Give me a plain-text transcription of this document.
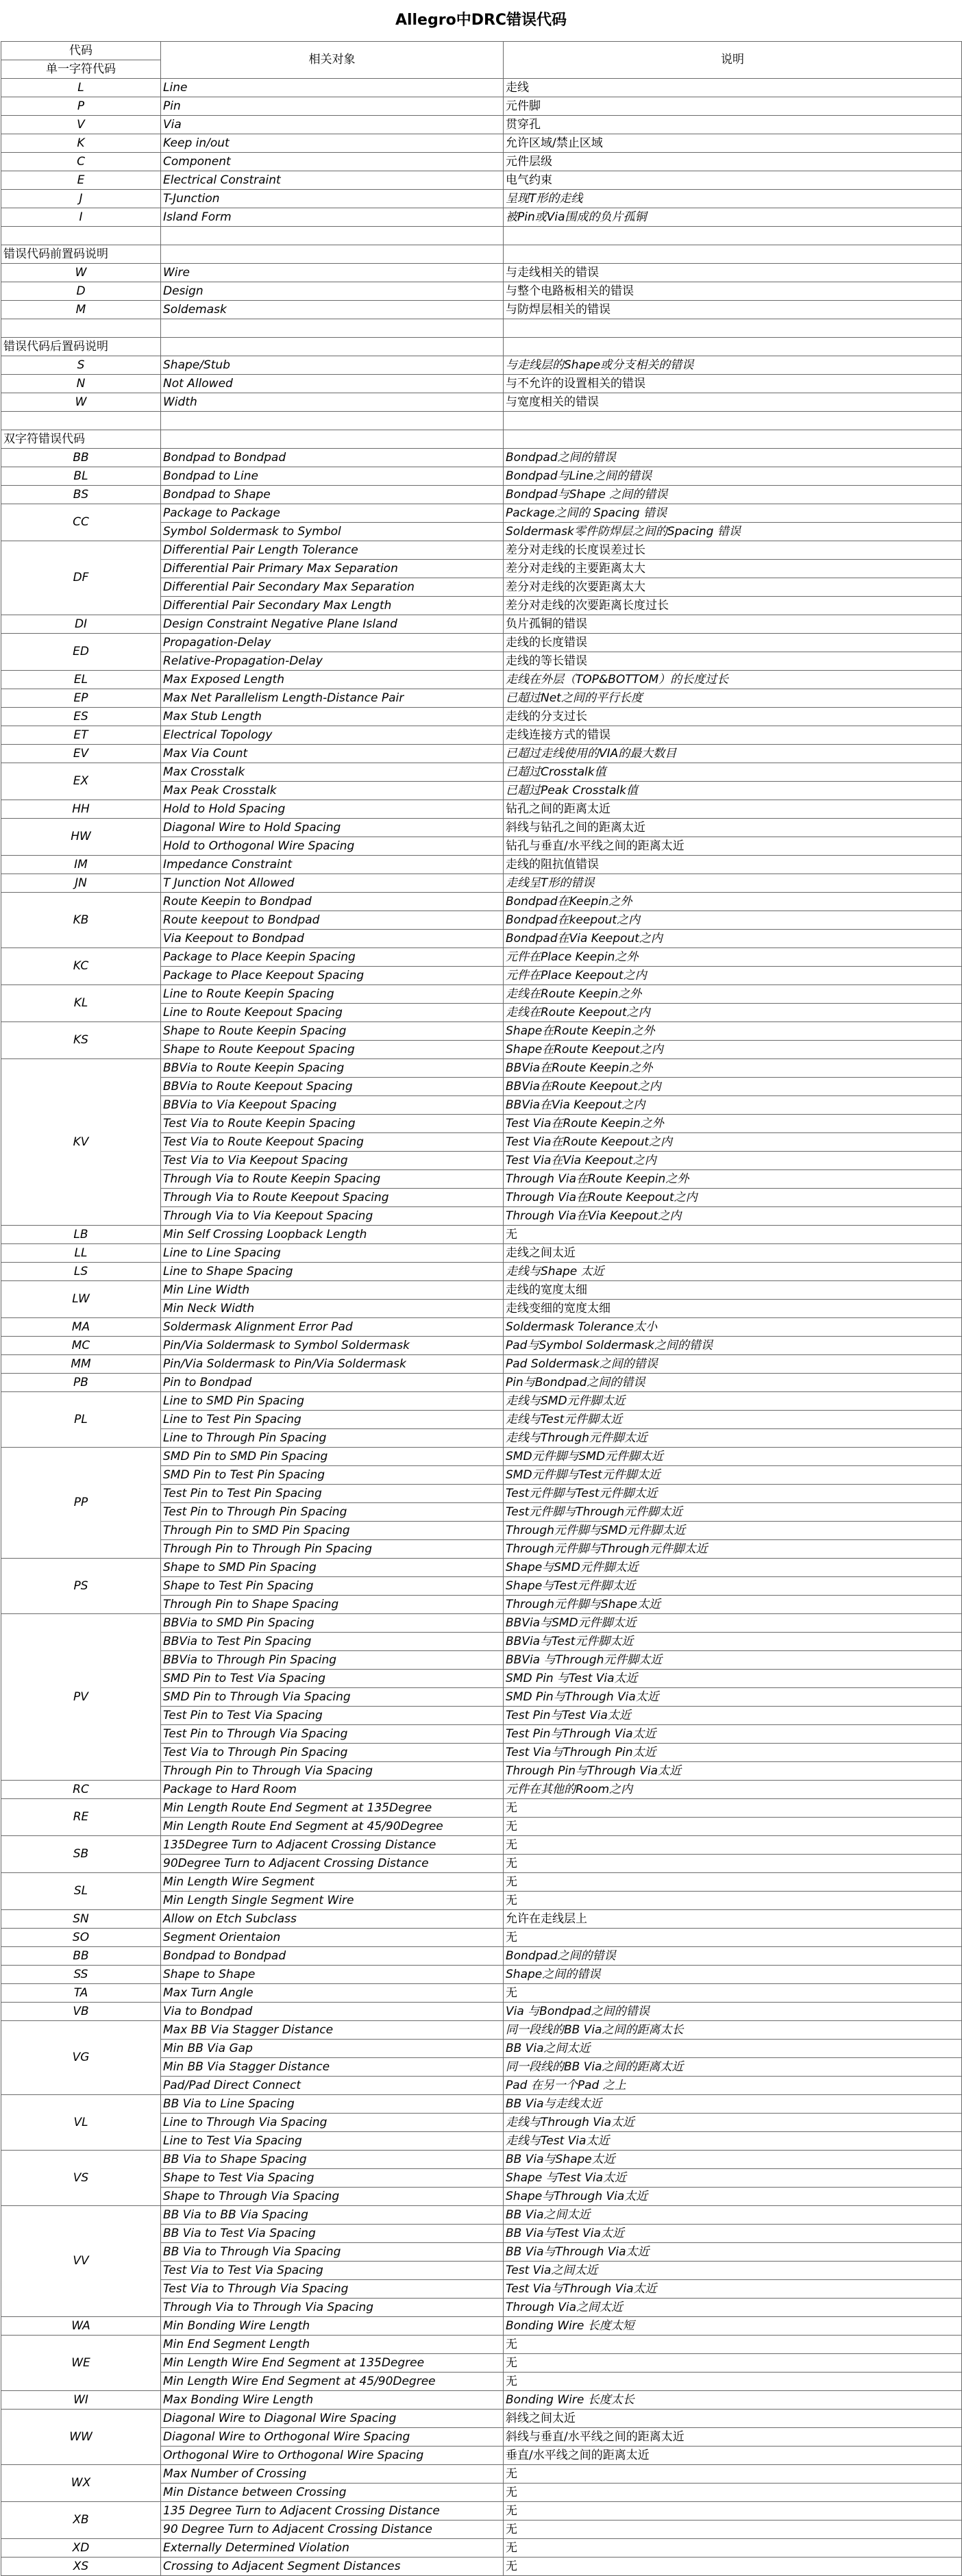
Allegro中DRC错误代码
代码	相关对象	说明
单一字符代码		
L	Line	走线
P	Pin	元件脚
V	Via	贯穿孔
K	Keep in/out	允许区域/禁止区域
C	Component	元件层级
E	Electrical Constraint	电气约束
J	T-Junction	呈现T形的走线
I	Island Form	被Pin或Via围成的负片孤铜

错误代码前置码说明		
W	Wire	与走线相关的错误
D	Design	与整个电路板相关的错误
M	Soldemask	与防焊层相关的错误

错误代码后置码说明		
S	Shape/Stub	与走线层的Shape或分支相关的错误
N	Not Allowed	与不允许的设置相关的错误
W	Width	与宽度相关的错误

双字符错误代码		
BB	Bondpad to Bondpad	Bondpad之间的错误
BL	Bondpad to Line	Bondpad与Line之间的错误
BS	Bondpad to Shape	Bondpad与Shape 之间的错误
CC	Package to Package	Package之间的 Spacing 错误
	Symbol Soldermask to Symbol	Soldermask零件防焊层之间的Spacing 错误
DF	Differential Pair Length Tolerance	差分对走线的长度误差过长
	Differential Pair Primary Max Separation	差分对走线的主要距离太大
	Differential Pair Secondary Max Separation	差分对走线的次要距离太大
	Differential Pair Secondary Max Length	差分对走线的次要距离长度过长
DI	Design Constraint Negative Plane Island	负片孤铜的错误
ED	Propagation-Delay	走线的长度错误
	Relative-Propagation-Delay	走线的等长错误
EL	Max Exposed Length	走线在外层（TOP&BOTTOM）的长度过长
EP	Max Net Parallelism Length-Distance Pair	已超过Net之间的平行长度
ES	Max Stub Length	走线的分支过长
ET	Electrical Topology	走线连接方式的错误
EV	Max Via Count	已超过走线使用的VIA的最大数目
EX	Max Crosstalk	已超过Crosstalk值
	Max Peak Crosstalk	已超过Peak Crosstalk值
HH	Hold to Hold Spacing	钻孔之间的距离太近
HW	Diagonal Wire to Hold Spacing	斜线与钻孔之间的距离太近
	Hold to Orthogonal Wire Spacing	钻孔与垂直/水平线之间的距离太近
IM	Impedance Constraint	走线的阻抗值错误
JN	T Junction Not Allowed	走线呈T形的错误
KB	Route Keepin to Bondpad	Bondpad在Keepin之外
	Route keepout to Bondpad	Bondpad在keepout之内
	Via Keepout to Bondpad	Bondpad在Via Keepout之内
KC	Package to Place Keepin Spacing	元件在Place Keepin之外
	Package to Place Keepout Spacing	元件在Place Keepout之内
KL	Line to Route Keepin Spacing	走线在Route Keepin之外
	Line to Route Keepout Spacing	走线在Route Keepout之内
KS	Shape to Route Keepin Spacing	Shape在Route Keepin之外
	Shape to Route Keepout Spacing	Shape在Route Keepout之内
KV	BBVia to Route Keepin Spacing	BBVia在Route Keepin之外
	BBVia to Route Keepout Spacing	BBVia在Route Keepout之内
	BBVia to Via Keepout Spacing	BBVia在Via Keepout之内
	Test Via to Route Keepin Spacing	Test Via在Route Keepin之外
	Test Via to Route Keepout Spacing	Test Via在Route Keepout之内
	Test Via to Via Keepout Spacing	Test Via在Via Keepout之内
	Through Via to Route Keepin Spacing	Through Via在Route Keepin之外
	Through Via to Route Keepout Spacing	Through Via在Route Keepout之内
	Through Via to Via Keepout Spacing	Through Via在Via Keepout之内
LB	Min Self Crossing Loopback Length	无
LL	Line to Line Spacing	走线之间太近
LS	Line to Shape Spacing	走线与Shape 太近
LW	Min Line Width	走线的宽度太细
	Min Neck Width	走线变细的宽度太细
MA	Soldermask Alignment Error Pad	Soldermask Tolerance太小
MC	Pin/Via Soldermask to Symbol Soldermask	Pad与Symbol Soldermask之间的错误
MM	Pin/Via Soldermask to Pin/Via Soldermask	Pad Soldermask之间的错误
PB	Pin to Bondpad	Pin与Bondpad之间的错误
PL	Line to SMD Pin Spacing	走线与SMD元件脚太近
	Line to Test Pin Spacing	走线与Test元件脚太近
	Line to Through Pin Spacing	走线与Through元件脚太近
PP	SMD Pin to SMD Pin Spacing	SMD元件脚与SMD元件脚太近
	SMD Pin to Test Pin Spacing	SMD元件脚与Test元件脚太近
	Test Pin to Test Pin Spacing	Test元件脚与Test元件脚太近
	Test Pin to Through Pin Spacing	Test元件脚与Through元件脚太近
	Through Pin to SMD Pin Spacing	Through元件脚与SMD元件脚太近
	Through Pin to Through Pin Spacing	Through元件脚与Through元件脚太近
PS	Shape to SMD Pin Spacing	Shape与SMD元件脚太近
	Shape to Test Pin Spacing	Shape与Test元件脚太近
	Through Pin to Shape Spacing	Through元件脚与Shape太近
PV	BBVia to SMD Pin Spacing	BBVia与SMD元件脚太近
	BBVia to Test Pin Spacing	BBVia与Test元件脚太近
	BBVia to Through Pin Spacing	BBVia 与Through元件脚太近
	SMD Pin to Test Via Spacing	SMD Pin 与Test Via太近
	SMD Pin to Through Via Spacing	SMD Pin与Through Via太近
	Test Pin to Test Via Spacing	Test Pin与Test Via太近
	Test Pin to Through Via Spacing	Test Pin与Through Via太近
	Test Via to Through Pin Spacing	Test Via与Through Pin太近
	Through Pin to Through Via Spacing	Through Pin与Through Via太近
RC	Package to Hard Room	元件在其他的Room之内
RE	Min Length Route End Segment at 135Degree	无
	Min Length Route End Segment at 45/90Degree	无
SB	135Degree Turn to Adjacent Crossing Distance	无
	90Degree Turn to Adjacent Crossing Distance	无
SL	Min Length Wire Segment	无
	Min Length Single Segment Wire	无
SN	Allow on Etch Subclass	允许在走线层上
SO	Segment Orientaion	无
BB	Bondpad to Bondpad	Bondpad之间的错误
SS	Shape to Shape	Shape之间的错误
TA	Max Turn Angle	无
VB	Via to Bondpad	Via 与Bondpad之间的错误
VG	Max BB Via Stagger Distance	同一段线的BB Via之间的距离太长
	Min BB Via Gap	BB Via之间太近
	Min BB Via Stagger Distance	同一段线的BB Via之间的距离太近
	Pad/Pad Direct Connect	Pad 在另一个Pad 之上
VL	BB Via to Line Spacing	BB Via与走线太近
	Line to Through Via Spacing	走线与Through Via太近
	Line to Test Via Spacing	走线与Test Via太近
VS	BB Via to Shape Spacing	BB Via与Shape太近
	Shape to Test Via Spacing	Shape 与Test Via太近
	Shape to Through Via Spacing	Shape与Through Via太近
VV	BB Via to BB Via Spacing	BB Via之间太近
	BB Via to Test Via Spacing	BB Via与Test Via太近
	BB Via to Through Via Spacing	BB Via与Through Via太近
	Test Via to Test Via Spacing	Test Via之间太近
	Test Via to Through Via Spacing	Test Via与Through Via太近
	Through Via to Through Via Spacing	Through Via之间太近
WA	Min Bonding Wire Length	Bonding Wire 长度太短
WE	Min End Segment Length	无
	Min Length Wire End Segment at 135Degree	无
	Min Length Wire End Segment at 45/90Degree	无
WI	Max Bonding Wire Length	Bonding Wire 长度太长
WW	Diagonal Wire to Diagonal Wire Spacing	斜线之间太近
	Diagonal Wire to Orthogonal Wire Spacing	斜线与垂直/水平线之间的距离太近
	Orthogonal Wire to Orthogonal Wire Spacing	垂直/水平线之间的距离太近
WX	Max Number of Crossing	无
	Min Distance between Crossing	无
XB	135 Degree Turn to Adjacent Crossing Distance	无
	90 Degree Turn to Adjacent Crossing Distance	无
XD	Externally Determined Violation	无
XS	Crossing to Adjacent Segment Distances	无
